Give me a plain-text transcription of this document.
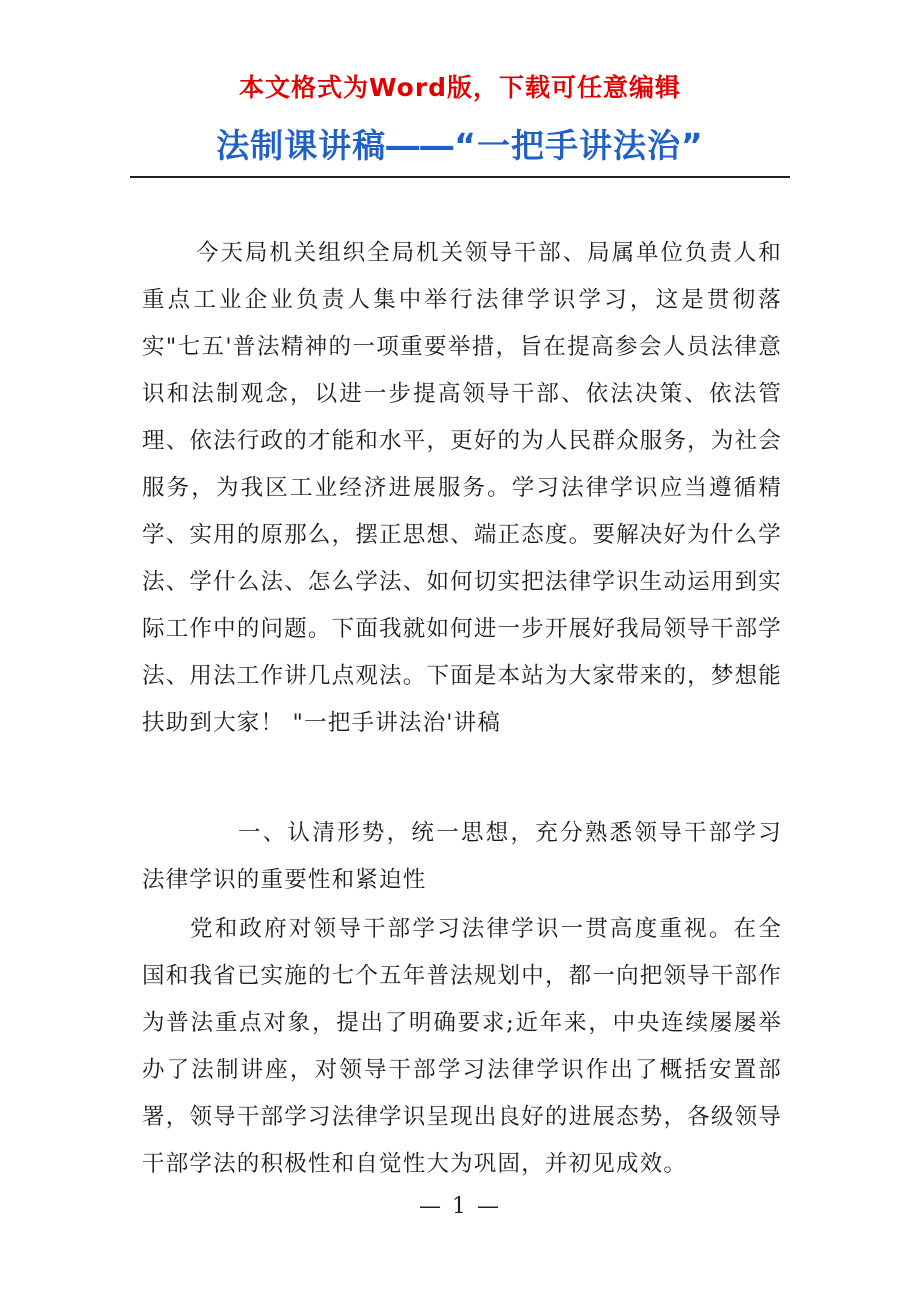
本文格式为Word版，下载可任意编辑
法制课讲稿――“一把手讲法治”

今天局机关组织全局机关领导干部、局属单位负责人和重点工业企业负责人集中举行法律学识学习，这是贯彻落实"七五'普法精神的一项重要举措，旨在提高参会人员法律意识和法制观念，以进一步提高领导干部、依法决策、依法管理、依法行政的才能和水平，更好的为人民群众服务，为社会服务，为我区工业经济进展服务。学习法律学识应当遵循精学、实用的原那么，摆正思想、端正态度。要解决好为什么学法、学什么法、怎么学法、如何切实把法律学识生动运用到实际工作中的问题。下面我就如何进一步开展好我局领导干部学法、用法工作讲几点观法。下面是本站为大家带来的，梦想能扶助到大家！ "一把手讲法治'讲稿

一、认清形势，统一思想，充分熟悉领导干部学习法律学识的重要性和紧迫性

党和政府对领导干部学习法律学识一贯高度重视。在全国和我省已实施的七个五年普法规划中，都一向把领导干部作为普法重点对象，提出了明确要求;近年来，中央连续屡屡举办了法制讲座，对领导干部学习法律学识作出了概括安置部署，领导干部学习法律学识呈现出良好的进展态势，各级领导干部学法的积极性和自觉性大为巩固，并初见成效。

— 1 —
